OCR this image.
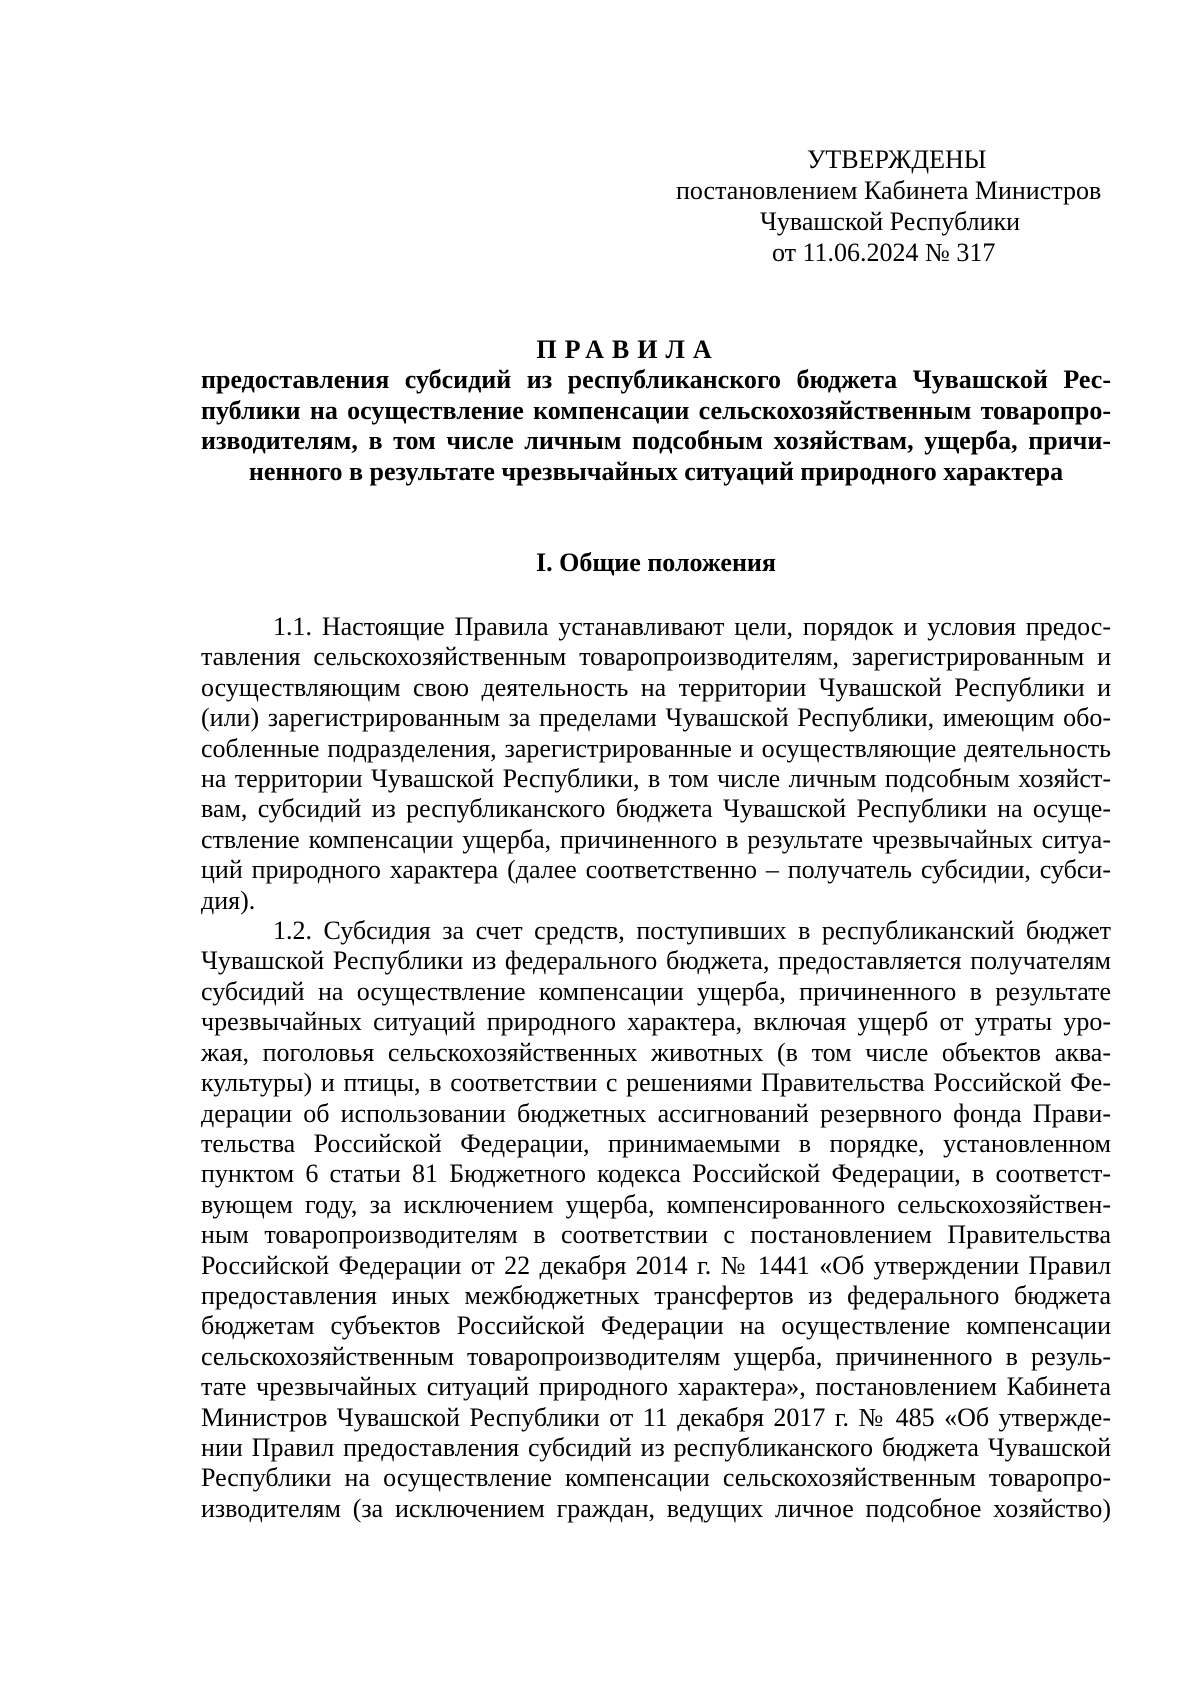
УТВЕРЖДЕНЫ
постановлением Кабинета Министров
Чувашской Республики
от 11.06.2024 № 317
ПРАВИЛА
предоставления субсидий из республиканского бюджета Чувашской Рес-
публики на осуществление компенсации сельскохозяйственным товаропро-
изводителям, в том числе личным подсобным хозяйствам, ущерба, причи-
ненного в результате чрезвычайных ситуаций природного характера
I. Общие положения
1.1. Настоящие Правила устанавливают цели, порядок и условия предос-
тавления сельскохозяйственным товаропроизводителям, зарегистрированным и
осуществляющим свою деятельность на территории Чувашской Республики и
(или) зарегистрированным за пределами Чувашской Республики, имеющим обо-
собленные подразделения, зарегистрированные и осуществляющие деятельность
на территории Чувашской Республики, в том числе личным подсобным хозяйст-
вам, субсидий из республиканского бюджета Чувашской Республики на осуще-
ствление компенсации ущерба, причиненного в результате чрезвычайных ситуа-
ций природного характера (далее соответственно – получатель субсидии, субси-
дия).
1.2. Субсидия за счет средств, поступивших в республиканский бюджет
Чувашской Республики из федерального бюджета, предоставляется получателям
субсидий на осуществление компенсации ущерба, причиненного в результате
чрезвычайных ситуаций природного характера, включая ущерб от утраты уро-
жая, поголовья сельскохозяйственных животных (в том числе объектов аква-
культуры) и птицы, в соответствии с решениями Правительства Российской Фе-
дерации об использовании бюджетных ассигнований резервного фонда Прави-
тельства Российской Федерации, принимаемыми в порядке, установленном
пунктом 6 статьи 81 Бюджетного кодекса Российской Федерации, в соответст-
вующем году, за исключением ущерба, компенсированного сельскохозяйствен-
ным товаропроизводителям в соответствии с постановлением Правительства
Российской Федерации от 22 декабря 2014 г. № 1441 «Об утверждении Правил
предоставления иных межбюджетных трансфертов из федерального бюджета
бюджетам субъектов Российской Федерации на осуществление компенсации
сельскохозяйственным товаропроизводителям ущерба, причиненного в резуль-
тате чрезвычайных ситуаций природного характера», постановлением Кабинета
Министров Чувашской Республики от 11 декабря 2017 г. № 485 «Об утвержде-
нии Правил предоставления субсидий из республиканского бюджета Чувашской
Республики на осуществление компенсации сельскохозяйственным товаропро-
изводителям (за исключением граждан, ведущих личное подсобное хозяйство)
